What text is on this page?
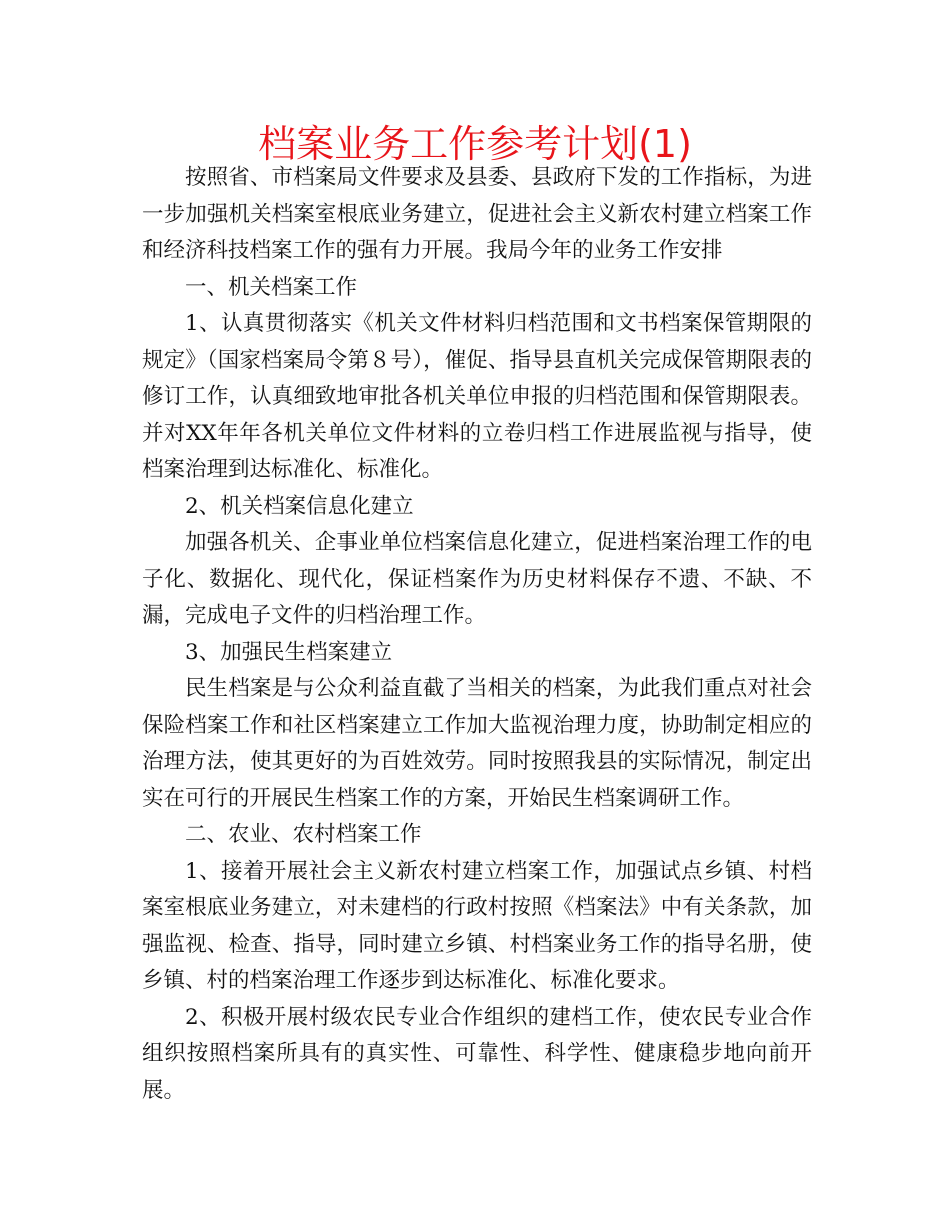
档案业务工作参考计划(1)

按照省、市档案局文件要求及县委、县政府下发的工作指标，为进一步加强机关档案室根底业务建立，促进社会主义新农村建立档案工作和经济科技档案工作的强有力开展。我局今年的业务工作安排

一、机关档案工作

1、认真贯彻落实《机关文件材料归档范围和文书档案保管期限的规定》（国家档案局令第８号），催促、指导县直机关完成保管期限表的修订工作，认真细致地审批各机关单位申报的归档范围和保管期限表。并对XX年年各机关单位文件材料的立卷归档工作进展监视与指导，使档案治理到达标准化、标准化。

2、机关档案信息化建立

加强各机关、企事业单位档案信息化建立，促进档案治理工作的电子化、数据化、现代化，保证档案作为历史材料保存不遗、不缺、不漏，完成电子文件的归档治理工作。

3、加强民生档案建立

民生档案是与公众利益直截了当相关的档案，为此我们重点对社会保险档案工作和社区档案建立工作加大监视治理力度，协助制定相应的治理方法，使其更好的为百姓效劳。同时按照我县的实际情况，制定出实在可行的开展民生档案工作的方案，开始民生档案调研工作。

二、农业、农村档案工作

1、接着开展社会主义新农村建立档案工作，加强试点乡镇、村档案室根底业务建立，对未建档的行政村按照《档案法》中有关条款，加强监视、检查、指导，同时建立乡镇、村档案业务工作的指导名册，使乡镇、村的档案治理工作逐步到达标准化、标准化要求。

2、积极开展村级农民专业合作组织的建档工作，使农民专业合作组织按照档案所具有的真实性、可靠性、科学性、健康稳步地向前开展。
